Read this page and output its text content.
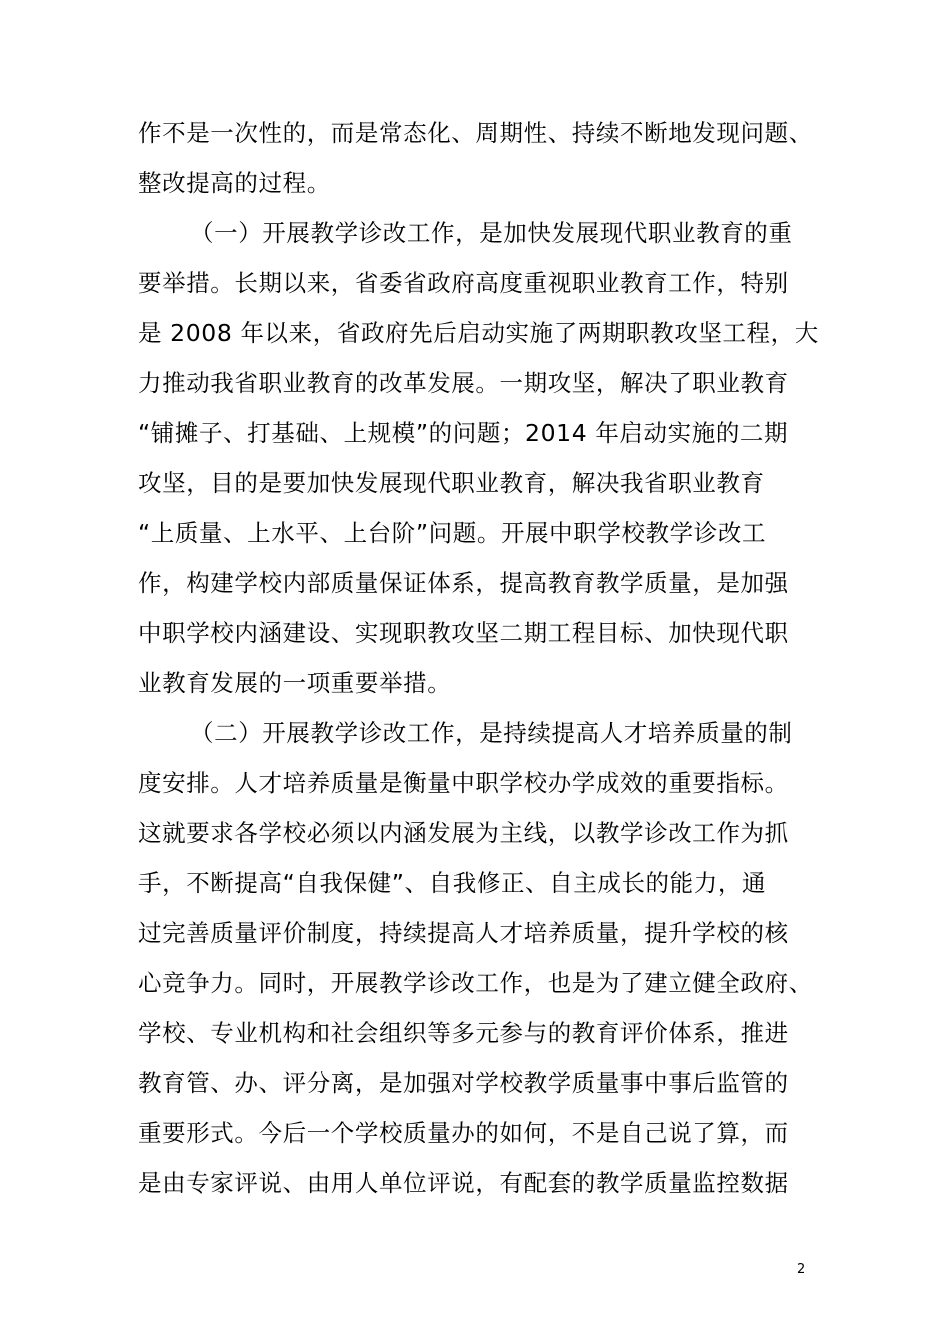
作不是一次性的，而是常态化、周期性、持续不断地发现问题、
整改提高的过程。
（一）开展教学诊改工作，是加快发展现代职业教育的重
要举措。长期以来，省委省政府高度重视职业教育工作，特别
是 2008 年以来，省政府先后启动实施了两期职教攻坚工程，大
力推动我省职业教育的改革发展。一期攻坚，解决了职业教育
“铺摊子、打基础、上规模”的问题；2014 年启动实施的二期
攻坚，目的是要加快发展现代职业教育，解决我省职业教育
“上质量、上水平、上台阶”问题。开展中职学校教学诊改工
作，构建学校内部质量保证体系，提高教育教学质量，是加强
中职学校内涵建设、实现职教攻坚二期工程目标、加快现代职
业教育发展的一项重要举措。
（二）开展教学诊改工作，是持续提高人才培养质量的制
度安排。人才培养质量是衡量中职学校办学成效的重要指标。
这就要求各学校必须以内涵发展为主线，以教学诊改工作为抓
手，不断提高“自我保健”、自我修正、自主成长的能力，通
过完善质量评价制度，持续提高人才培养质量，提升学校的核
心竞争力。同时，开展教学诊改工作，也是为了建立健全政府、
学校、专业机构和社会组织等多元参与的教育评价体系，推进
教育管、办、评分离，是加强对学校教学质量事中事后监管的
重要形式。今后一个学校质量办的如何，不是自己说了算，而
是由专家评说、由用人单位评说，有配套的教学质量监控数据
2
